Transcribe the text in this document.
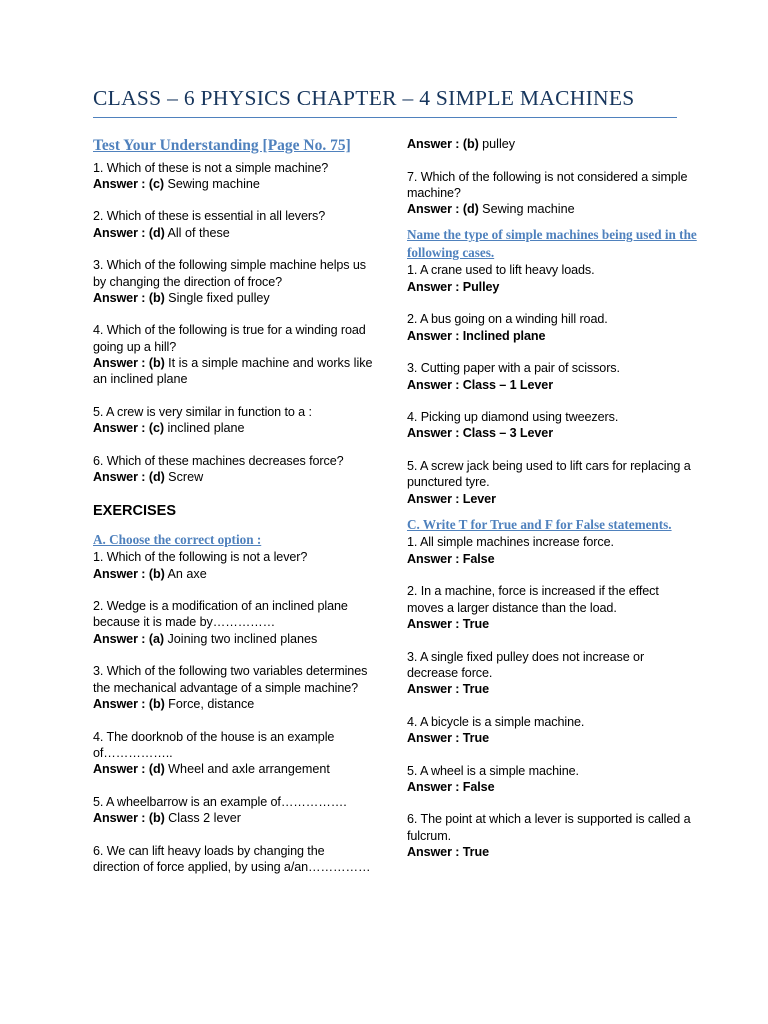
CLASS – 6 PHYSICS CHAPTER – 4 SIMPLE MACHINES
Test Your Understanding [Page No. 75]
1. Which of these is not a simple machine?
Answer : (c) Sewing machine
2. Which of these is essential in all levers?
Answer : (d) All of these
3. Which of the following simple machine helps us by changing the direction of froce?
Answer : (b) Single fixed pulley
4. Which of the following is true for a winding road going up a hill?
Answer : (b) It is a simple machine and works like an inclined plane
5. A crew is very similar in function to a :
Answer : (c) inclined plane
6. Which of these machines decreases force?
Answer : (d) Screw
EXERCISES
A. Choose the correct option :
1. Which of the following is not a lever?
Answer : (b) An axe
2. Wedge is a modification of an inclined plane because it is made by……………
Answer : (a) Joining two inclined planes
3. Which of the following two variables determines the mechanical advantage of a simple machine?
Answer : (b) Force, distance
4. The doorknob of the house is an example of……………..
Answer : (d) Wheel and axle arrangement
5. A wheelbarrow is an example of…………….
Answer : (b) Class 2 lever
6. We can lift heavy loads by changing the direction of force applied, by using a/an……………
Answer : (b) pulley
7. Which of the following is not considered a simple machine?
Answer : (d) Sewing machine
Name the type of simple machines being used in the following cases.
1. A crane used to lift heavy loads.
Answer : Pulley
2. A bus going on a winding hill road.
Answer : Inclined plane
3. Cutting paper with a pair of scissors.
Answer : Class – 1 Lever
4. Picking up diamond using tweezers.
Answer : Class – 3 Lever
5. A screw jack being used to lift cars for replacing a punctured tyre.
Answer : Lever
C. Write T for True and F for False statements.
1. All simple machines increase force.
Answer : False
2. In a machine, force is increased if the effect moves a larger distance than the load.
Answer : True
3. A single fixed pulley does not increase or decrease force.
Answer : True
4. A bicycle is a simple machine.
Answer : True
5. A wheel is a simple machine.
Answer : False
6. The point at which a lever is supported is called a fulcrum.
Answer : True
